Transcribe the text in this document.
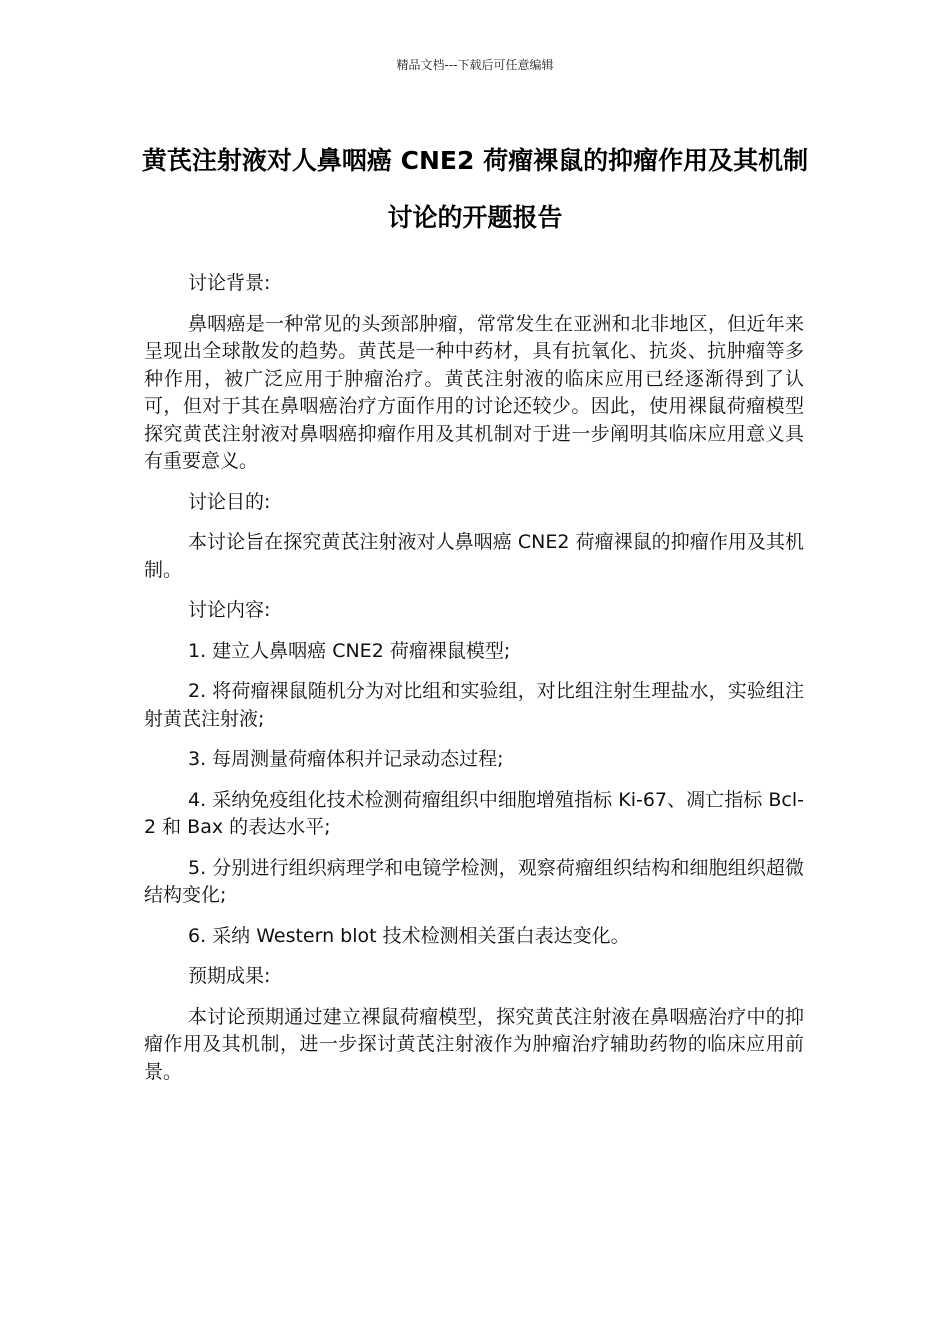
精品文档---下载后可任意编辑
黄芪注射液对人鼻咽癌 CNE2 荷瘤裸鼠的抑瘤作用及其机制讨论的开题报告

讨论背景:

鼻咽癌是一种常见的头颈部肿瘤，常常发生在亚洲和北非地区，但近年来呈现出全球散发的趋势。黄芪是一种中药材，具有抗氧化、抗炎、抗肿瘤等多种作用，被广泛应用于肿瘤治疗。黄芪注射液的临床应用已经逐渐得到了认可，但对于其在鼻咽癌治疗方面作用的讨论还较少。因此，使用裸鼠荷瘤模型探究黄芪注射液对鼻咽癌抑瘤作用及其机制对于进一步阐明其临床应用意义具有重要意义。

讨论目的:

本讨论旨在探究黄芪注射液对人鼻咽癌 CNE2 荷瘤裸鼠的抑瘤作用及其机制。

讨论内容:

1. 建立人鼻咽癌 CNE2 荷瘤裸鼠模型;

2. 将荷瘤裸鼠随机分为对比组和实验组，对比组注射生理盐水，实验组注射黄芪注射液;

3. 每周测量荷瘤体积并记录动态过程;

4. 采纳免疫组化技术检测荷瘤组织中细胞增殖指标 Ki-67、凋亡指标 Bcl-2 和 Bax 的表达水平;

5. 分别进行组织病理学和电镜学检测，观察荷瘤组织结构和细胞组织超微结构变化;

6. 采纳 Western blot 技术检测相关蛋白表达变化。

预期成果:

本讨论预期通过建立裸鼠荷瘤模型，探究黄芪注射液在鼻咽癌治疗中的抑瘤作用及其机制，进一步探讨黄芪注射液作为肿瘤治疗辅助药物的临床应用前景。
